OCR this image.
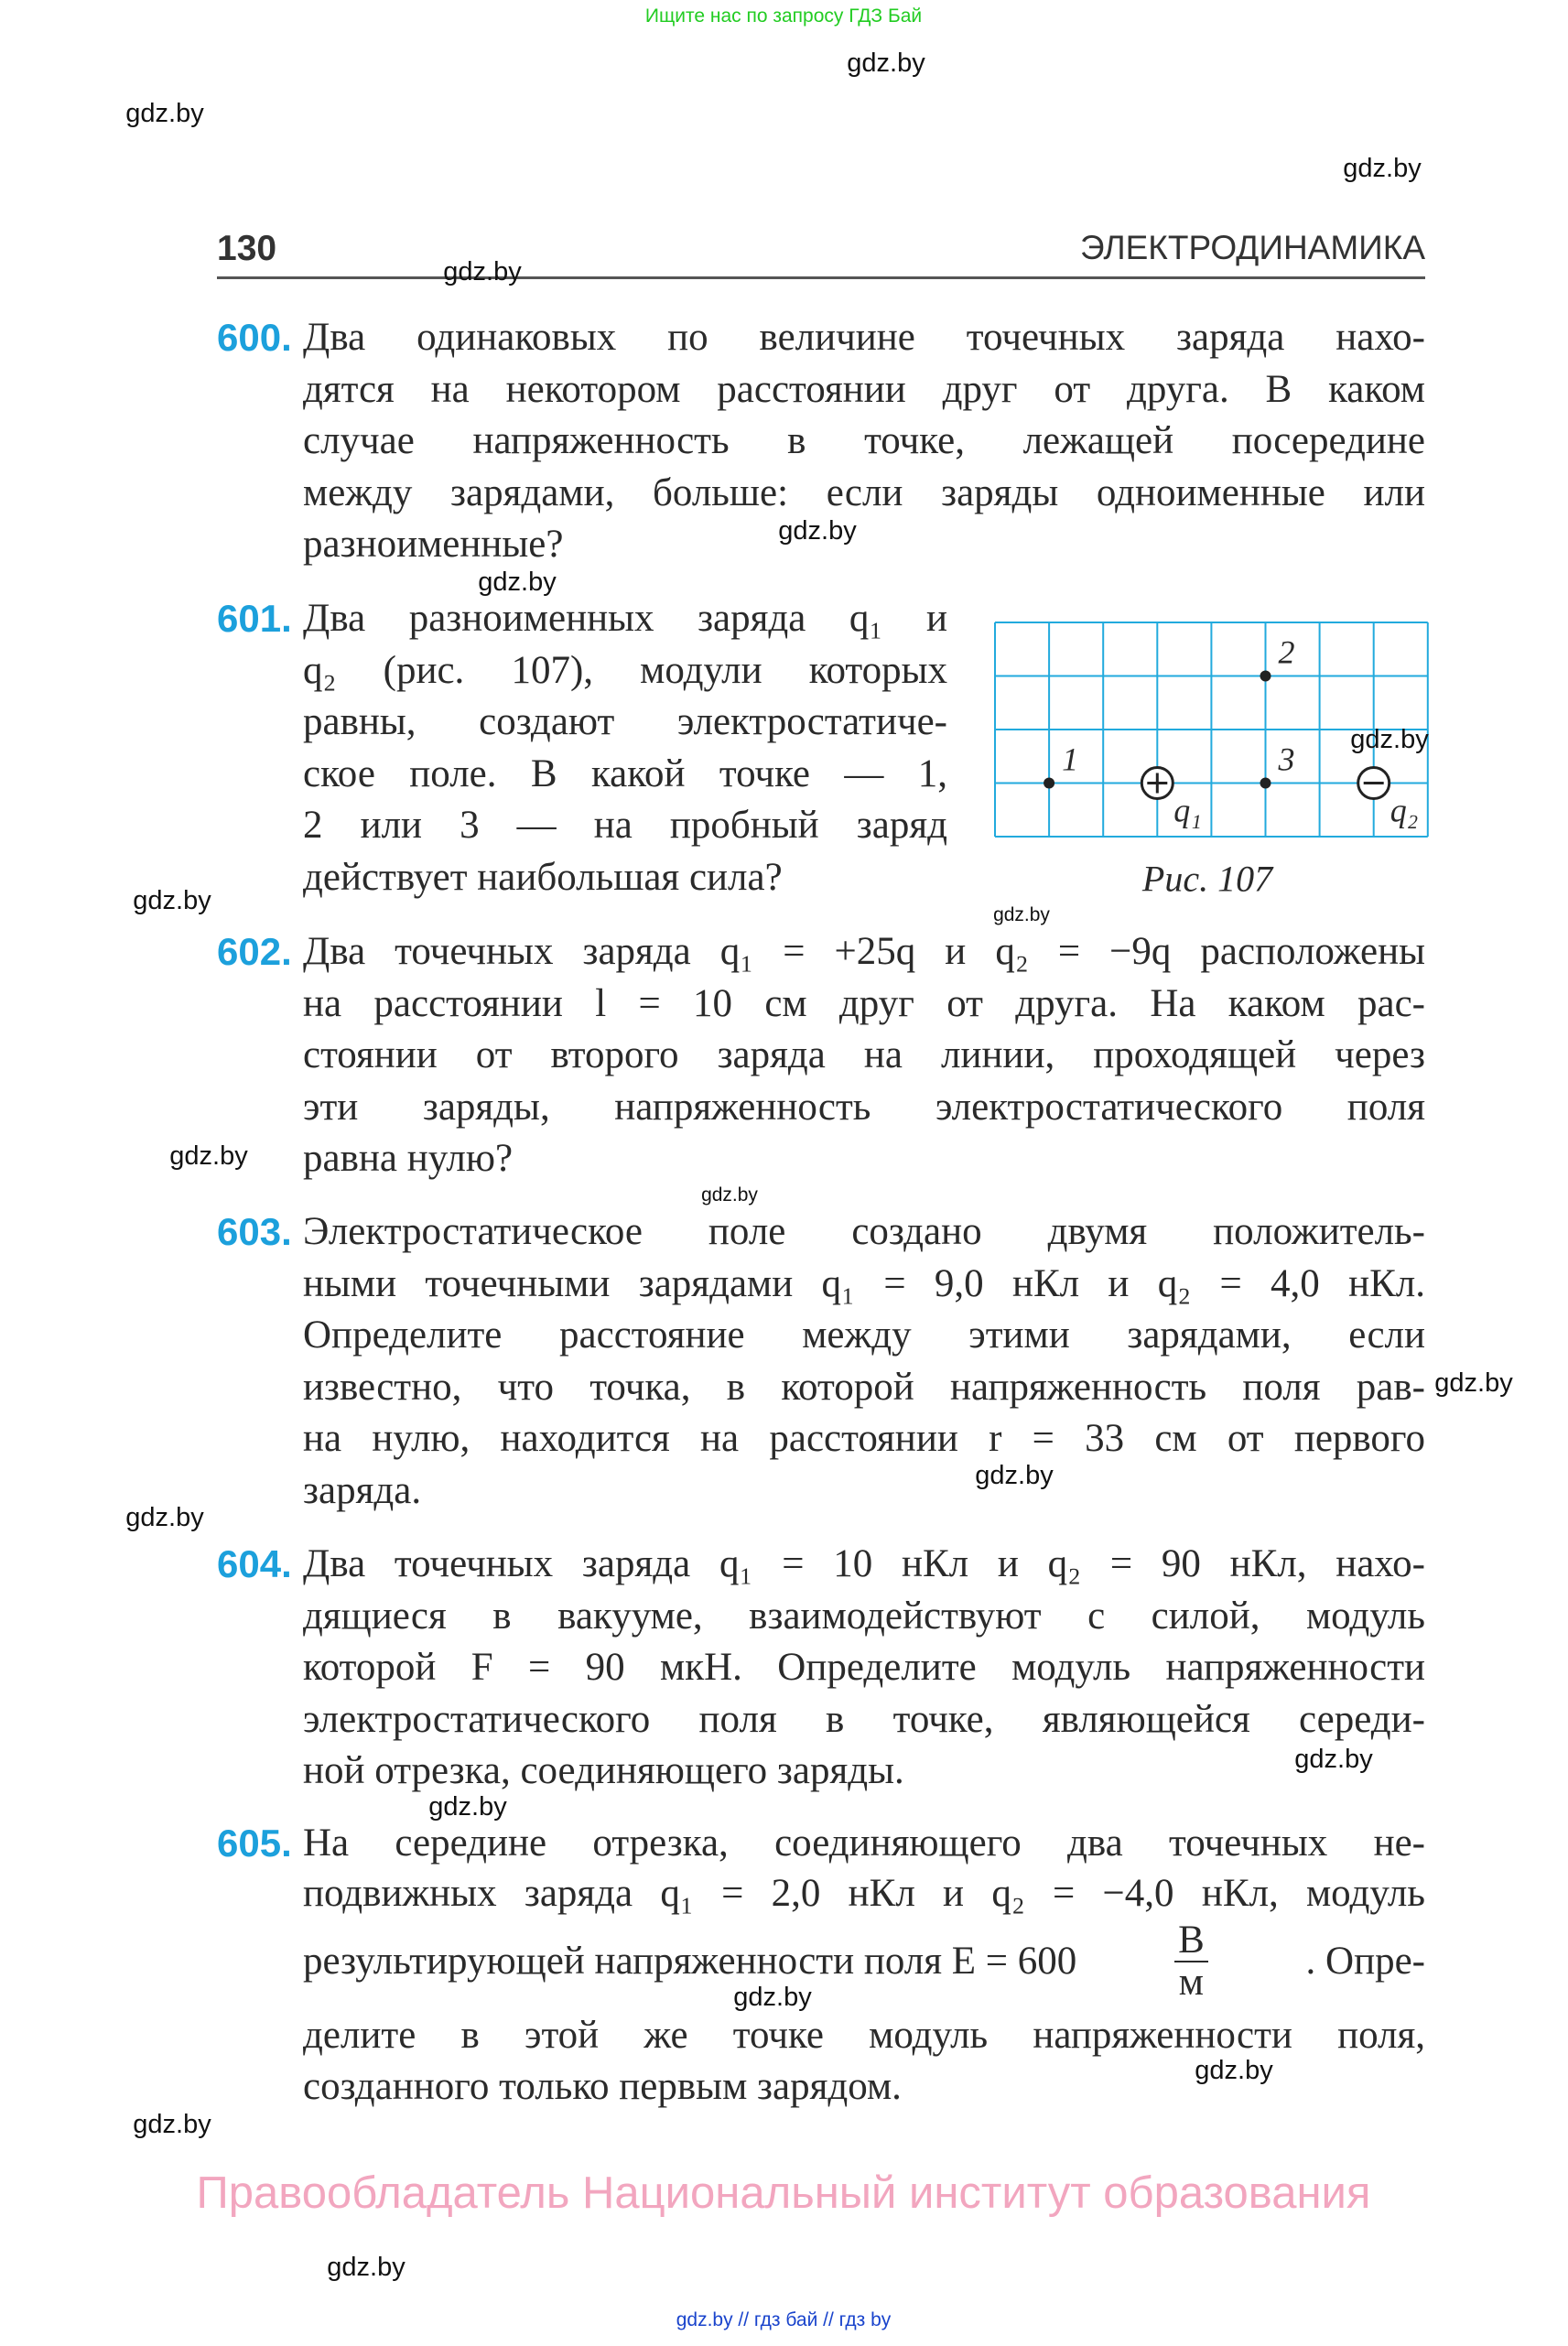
Ищите нас по запросу ГДЗ Бай
130	ЭЛЕКТРОДИНАМИКА
600. Два одинаковых по величине точечных заряда нахо-
дятся на некотором расстоянии друг от друга. В каком
случае напряженность в точке, лежащей посередине
между зарядами, больше: если заряды одноименные или
разноименные?
601. Два разноименных заряда q₁ и
q₂ (рис. 107), модули которых
равны, создают электростатиче-
ское поле. В какой точке — 1,
2 или 3 — на пробный заряд
действует наибольшая сила?
602. Два точечных заряда q₁ = +25q и q₂ = −9q расположены
на расстоянии l = 10 см друг от друга. На каком рас-
стоянии от второго заряда на линии, проходящей через
эти заряды, напряженность электростатического поля
равна нулю?
603. Электростатическое поле создано двумя положитель-
ными точечными зарядами q₁ = 9,0 нКл и q₂ = 4,0 нКл.
Определите расстояние между этими зарядами, если
известно, что точка, в которой напряженность поля рав-
на нулю, находится на расстоянии r = 33 см от первого
заряда.
604. Два точечных заряда q₁ = 10 нКл и q₂ = 90 нКл, нахо-
дящиеся в вакууме, взаимодействуют с силой, модуль
которой F = 90 мкН. Определите модуль напряженности
электростатического поля в точке, являющейся середи-
ной отрезка, соединяющего заряды.
605. На середине отрезка, соединяющего два точечных не-
подвижных заряда q₁ = 2,0 нКл и q₂ = −4,0 нКл, модуль
результирующей напряженности поля $E = 600 \frac{В}{м}$ . Опре-
делите в этой же точке модуль напряженности поля,
созданного только первым зарядом.
1
2
3
q₁	q₂
Рис. 107
Правообладатель Национальный институт образования
gdz.by // гдз бай // гдз by
gdz.by
gdz.by
gdz.by
gdz.by
gdz.by
gdz.by
gdz.by
gdz.by	gdz.by
gdz.by
gdz.by
gdz.by
gdz.by
gdz.by
gdz.by
gdz.by
gdz.by
gdz.by
gdz.by
gdz.by
